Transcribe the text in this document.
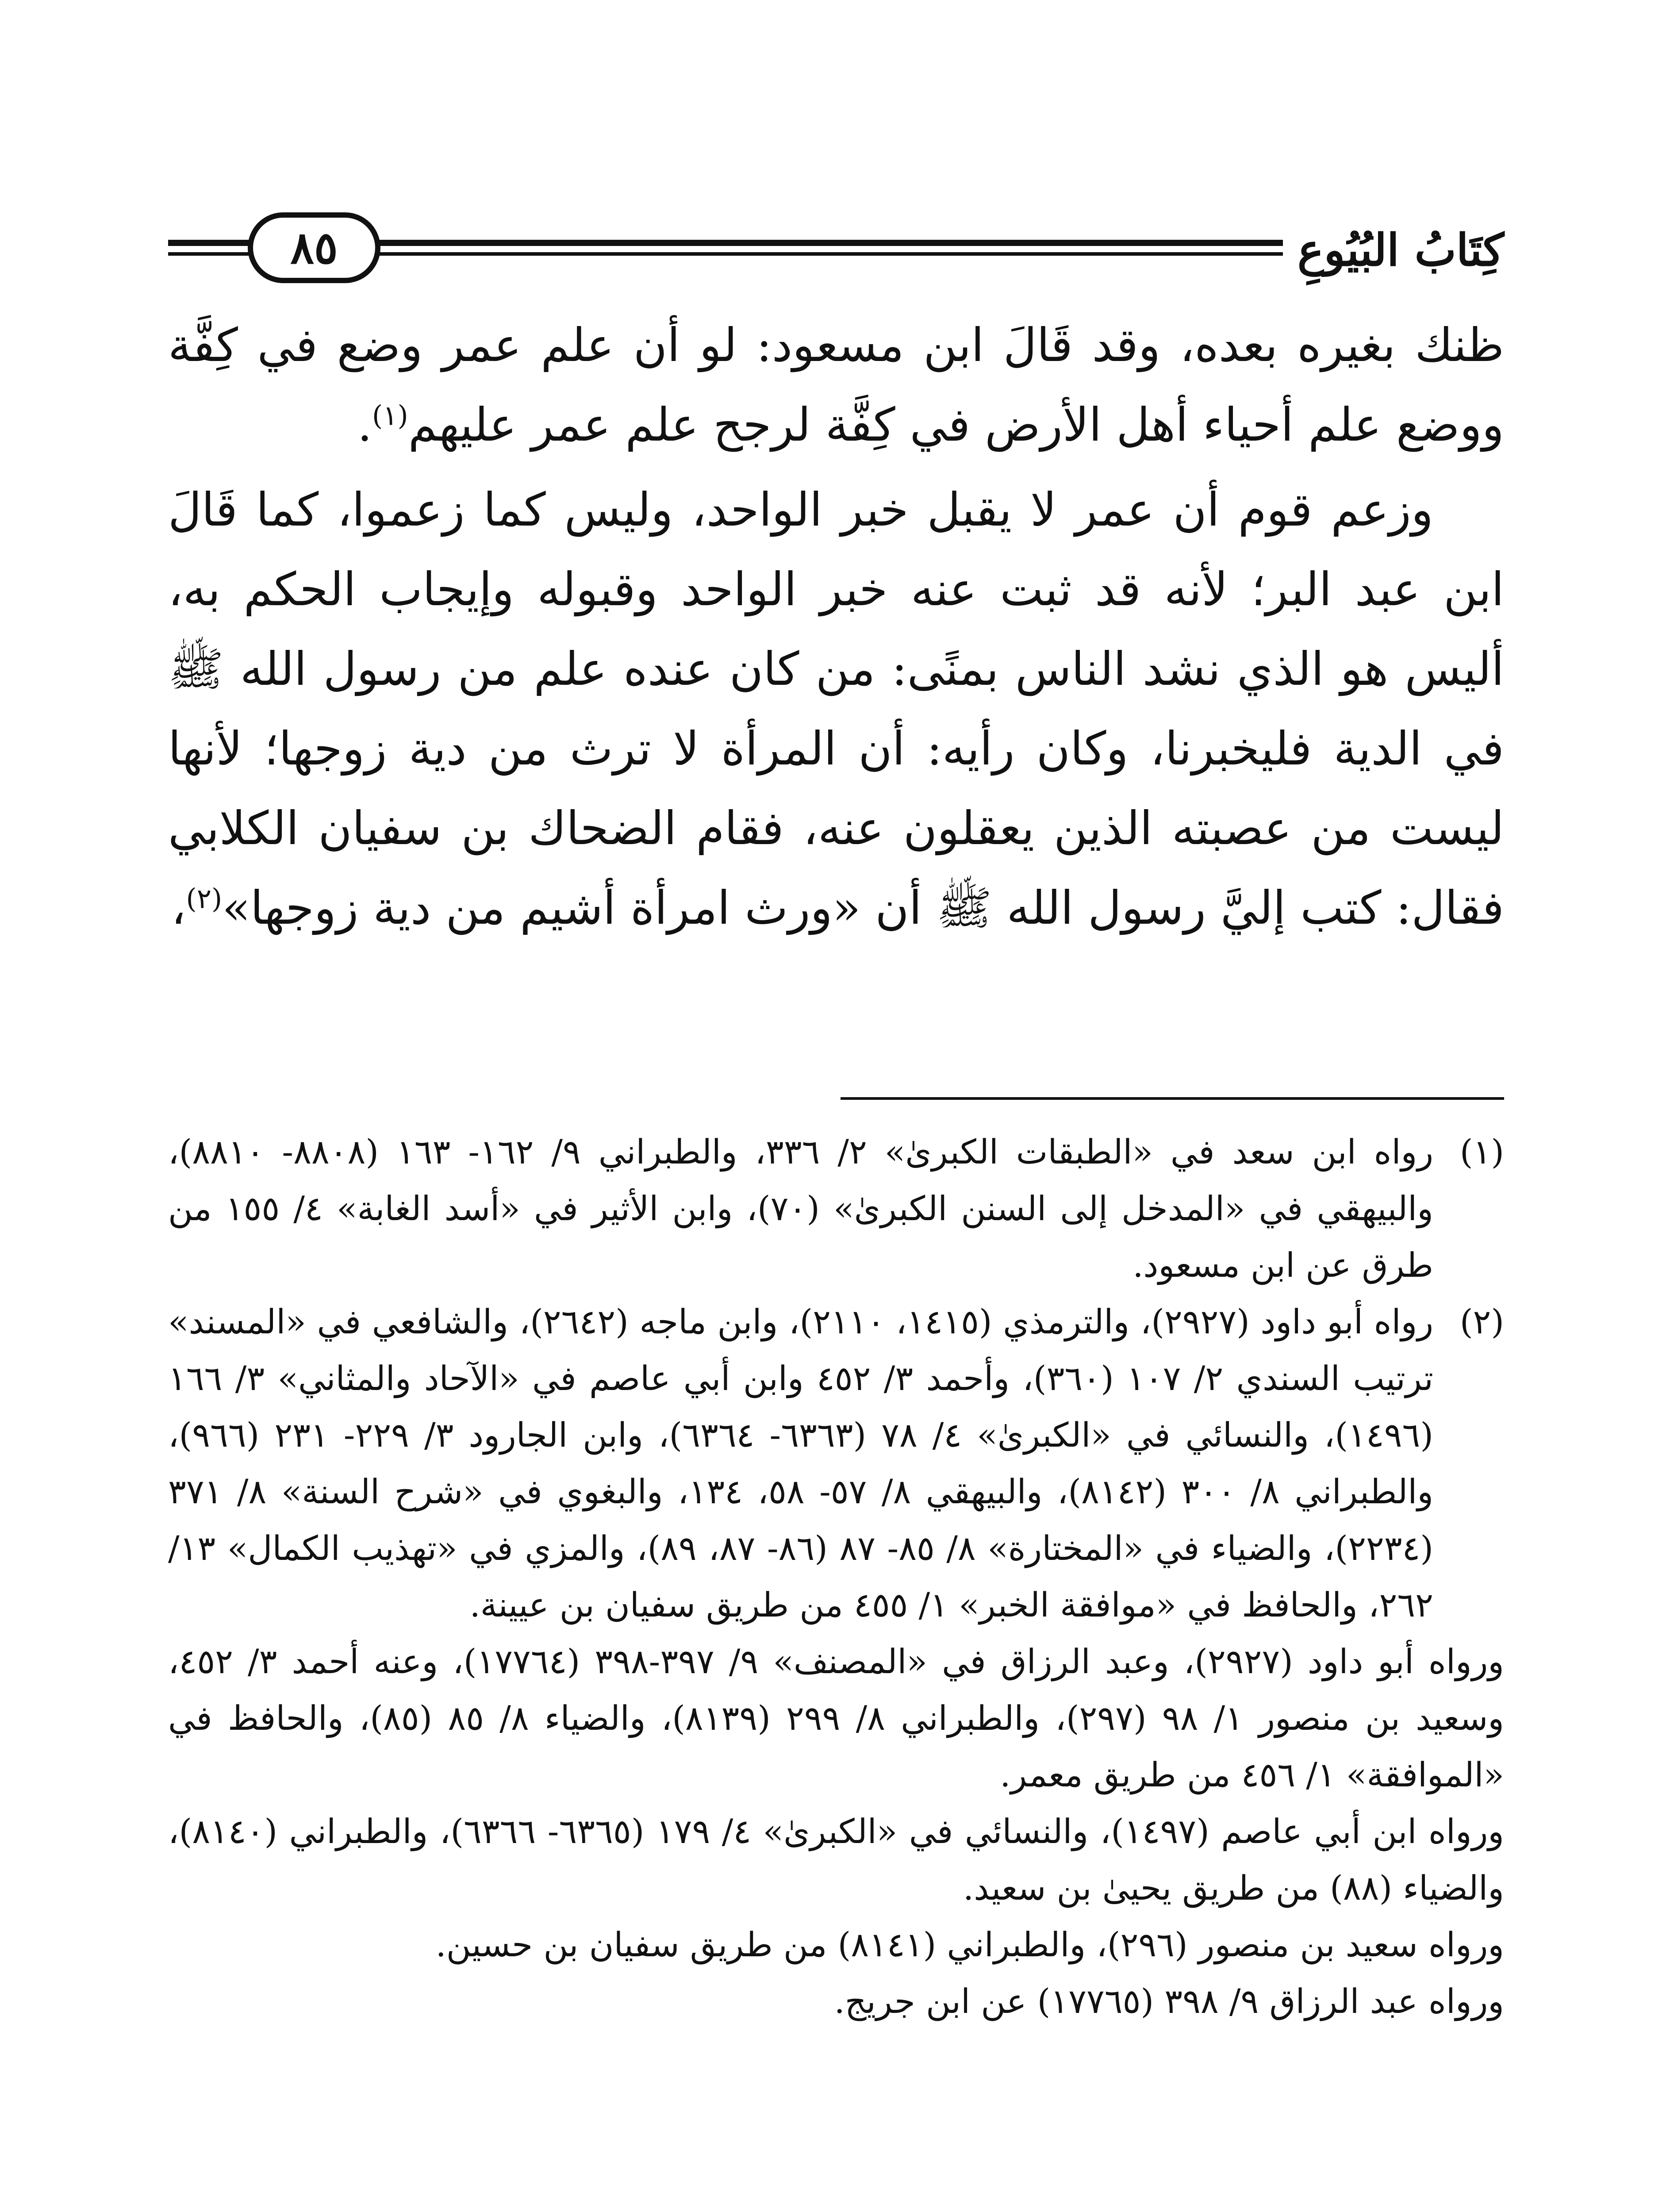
٨٥	كِتَابُ البُيُوعِ

ظنك بغيره بعده، وقد قَالَ ابن مسعود: لو أن علم عمر وضع في كِفَّة ووضع علم أحياء أهل الأرض في كِفَّة لرجح علم عمر عليهم$^{(١)}$.

وزعم قوم أن عمر لا يقبل خبر الواحد، وليس كما زعموا، كما قَالَ ابن عبد البر؛ لأنه قد ثبت عنه خبر الواحد وقبوله وإيجاب الحكم به، أليس هو الذي نشد الناس بمنًى: من كان عنده علم من رسول الله ﷺ في الدية فليخبرنا، وكان رأيه: أن المرأة لا ترث من دية زوجها؛ لأنها ليست من عصبته الذين يعقلون عنه، فقام الضحاك بن سفيان الكلابي فقال: كتب إليَّ رسول الله ﷺ أن «ورث امرأة أشيم من دية زوجها»$^{(٢)}$،

(١)
رواه ابن سعد في «الطبقات الكبرىٰ» ٢/ ٣٣٦، والطبراني ٩/ ١٦٢- ١٦٣ (٨٨٠٨- ٨٨١٠)، والبيهقي في «المدخل إلى السنن الكبرىٰ» (٧٠)، وابن الأثير في «أسد الغابة» ٤/ ١٥٥ من طرق عن ابن مسعود.
(٢)
رواه أبو داود (٢٩٢٧)، والترمذي (١٤١٥، ٢١١٠)، وابن ماجه (٢٦٤٢)، والشافعي في «المسند» ترتيب السندي ٢/ ١٠٧ (٣٦٠)، وأحمد ٣/ ٤٥٢ وابن أبي عاصم في «الآحاد والمثاني» ٣/ ١٦٦ (١٤٩٦)، والنسائي في «الكبرىٰ» ٤/ ٧٨ (٦٣٦٣- ٦٣٦٤)، وابن الجارود ٣/ ٢٢٩- ٢٣١ (٩٦٦)، والطبراني ٨/ ٣٠٠ (٨١٤٢)، والبيهقي ٨/ ٥٧- ٥٨، ١٣٤، والبغوي في «شرح السنة» ٨/ ٣٧١ (٢٢٣٤)، والضياء في «المختارة» ٨/ ٨٥- ٨٧ (٨٦- ٨٧، ٨٩)، والمزي في «تهذيب الكمال» ١٣/ ٢٦٢، والحافظ في «موافقة الخبر» ١/ ٤٥٥ من طريق سفيان بن عيينة.

ورواه أبو داود (٢٩٢٧)، وعبد الرزاق في «المصنف» ٩/ ٣٩٧-٣٩٨ (١٧٧٦٤)، وعنه أحمد ٣/ ٤٥٢، وسعيد بن منصور ١/ ٩٨ (٢٩٧)، والطبراني ٨/ ٢٩٩ (٨١٣٩)، والضياء ٨/ ٨٥ (٨٥)، والحافظ في «الموافقة» ١/ ٤٥٦ من طريق معمر.

ورواه ابن أبي عاصم (١٤٩٧)، والنسائي في «الكبرىٰ» ٤/ ١٧٩ (٦٣٦٥- ٦٣٦٦)، والطبراني (٨١٤٠)، والضياء (٨٨) من طريق يحيىٰ بن سعيد.

ورواه سعيد بن منصور (٢٩٦)، والطبراني (٨١٤١) من طريق سفيان بن حسين.

ورواه عبد الرزاق ٩/ ٣٩٨ (١٧٧٦٥) عن ابن جريج.
